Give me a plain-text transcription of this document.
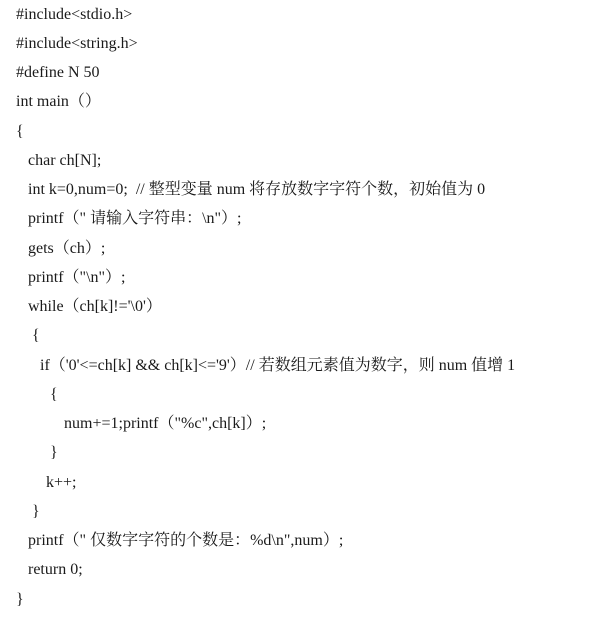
#include<stdio.h>
#include<string.h>
#define N 50
int main（）
{
char ch[N];
int k=0,num=0;  // 整型变量 num 将存放数字字符个数，初始值为 0
printf（" 请输入字符串：\n"）;
gets（ch）;
printf（"\n"）;
while（ch[k]!='\0'）
{
if（'0'<=ch[k] && ch[k]<='9'）// 若数组元素值为数字，则 num 值增 1
{
num+=1;printf（"%c",ch[k]）;
}
k++;
}
printf（" 仅数字字符的个数是：%d\n",num）;
return 0;
}
